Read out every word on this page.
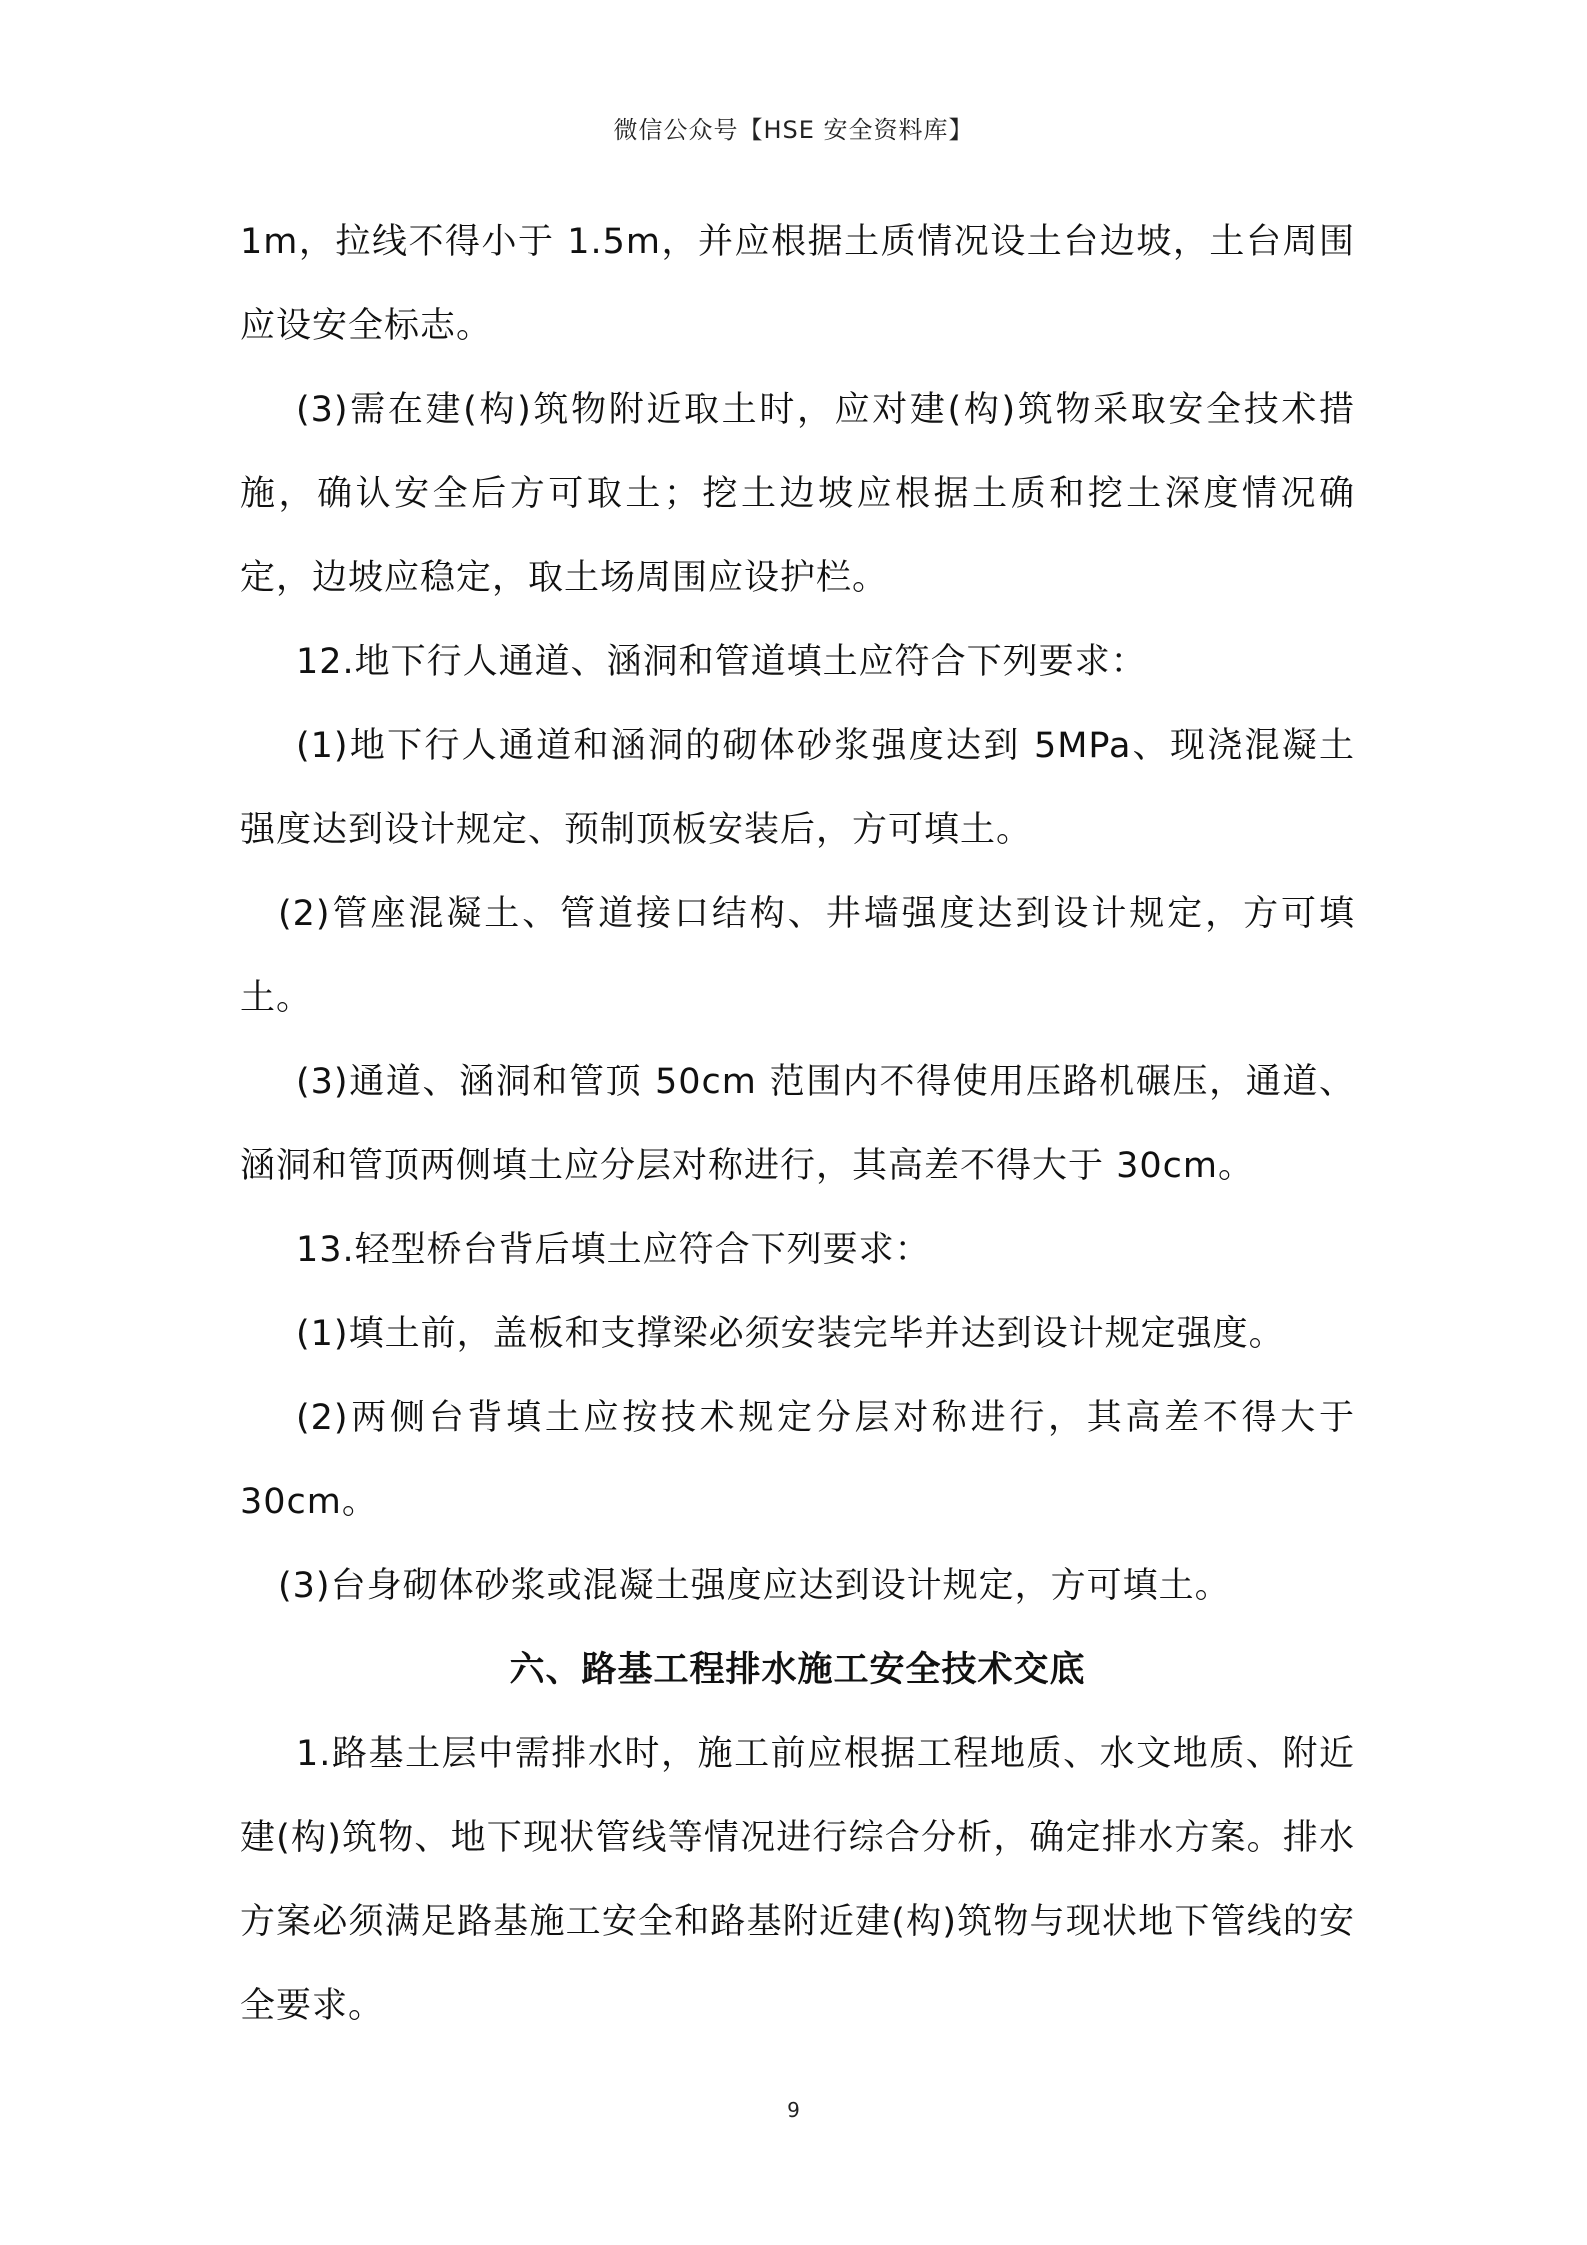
微信公众号【HSE 安全资料库】

1m，拉线不得小于 1.5m，并应根据土质情况设土台边坡，土台周围应设安全标志。

(3)需在建(构)筑物附近取土时，应对建(构)筑物采取安全技术措施，确认安全后方可取土；挖土边坡应根据土质和挖土深度情况确定，边坡应稳定，取土场周围应设护栏。

12.地下行人通道、涵洞和管道填土应符合下列要求：

(1)地下行人通道和涵洞的砌体砂浆强度达到 5MPa、现浇混凝土强度达到设计规定、预制顶板安装后，方可填土。

(2)管座混凝土、管道接口结构、井墙强度达到设计规定，方可填土。

(3)通道、涵洞和管顶 50cm 范围内不得使用压路机碾压，通道、涵洞和管顶两侧填土应分层对称进行，其高差不得大于 30cm。

13.轻型桥台背后填土应符合下列要求：

(1)填土前，盖板和支撑梁必须安装完毕并达到设计规定强度。

(2)两侧台背填土应按技术规定分层对称进行，其高差不得大于30cm。

(3)台身砌体砂浆或混凝土强度应达到设计规定，方可填土。

六、路基工程排水施工安全技术交底

1.路基土层中需排水时，施工前应根据工程地质、水文地质、附近建(构)筑物、地下现状管线等情况进行综合分析，确定排水方案。排水方案必须满足路基施工安全和路基附近建(构)筑物与现状地下管线的安全要求。

9
